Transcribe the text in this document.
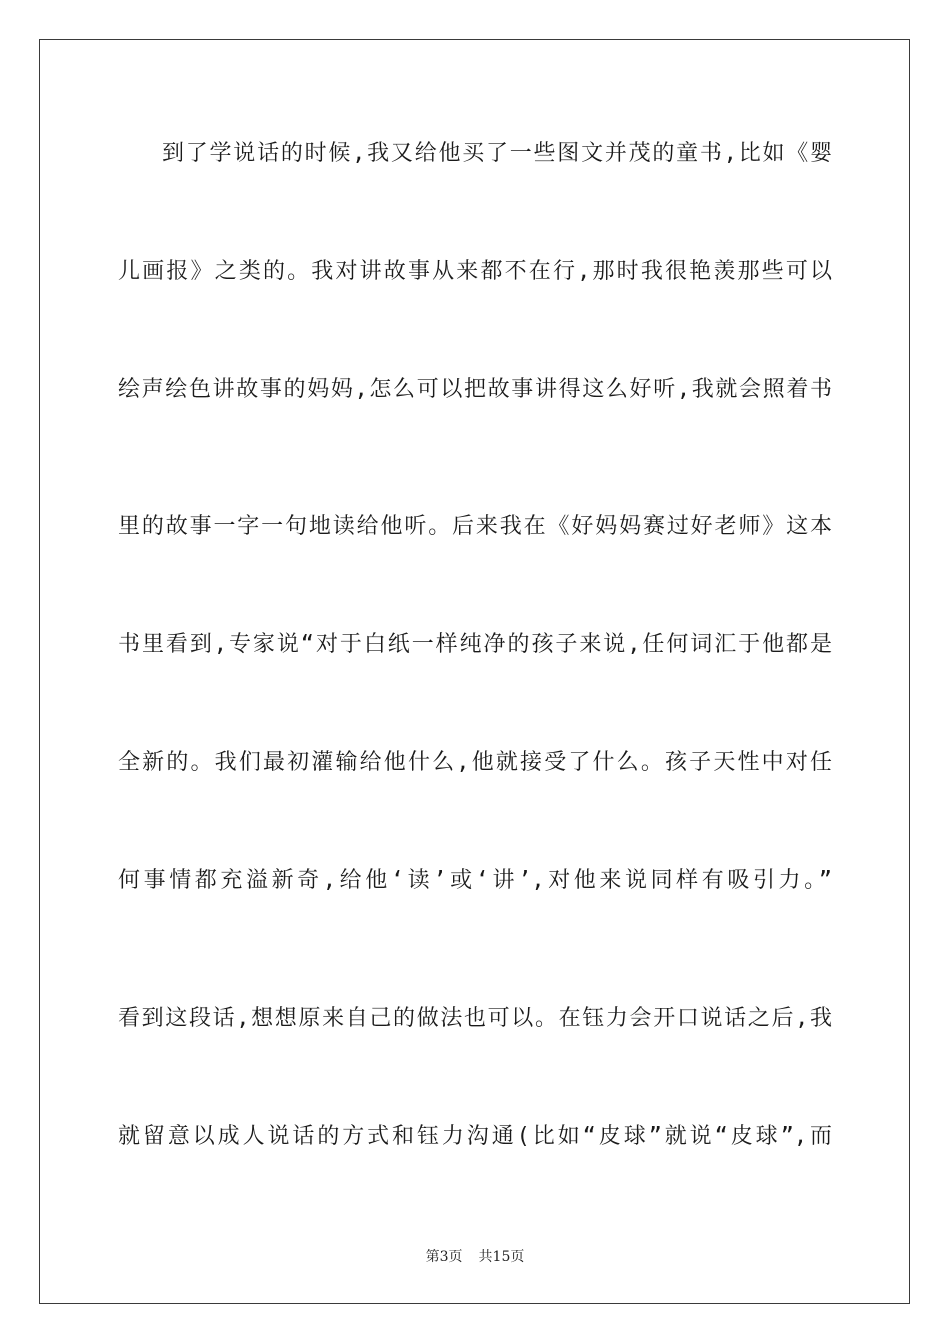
到了学说话的时候,我又给他买了一些图文并茂的童书,比如《婴
儿画报》之类的。我对讲故事从来都不在行,那时我很艳羡那些可以
绘声绘色讲故事的妈妈,怎么可以把故事讲得这么好听,我就会照着书
里的故事一字一句地读给他听。后来我在《好妈妈赛过好老师》这本
书里看到,专家说“对于白纸一样纯净的孩子来说,任何词汇于他都是
全新的。我们最初灌输给他什么,他就接受了什么。孩子天性中对任
何事情都充溢新奇,给他‘读’或‘讲’,对他来说同样有吸引力。”
看到这段话,想想原来自己的做法也可以。在钰力会开口说话之后,我
就留意以成人说话的方式和钰力沟通(比如“皮球”就说“皮球”,而
第3页 共15页
